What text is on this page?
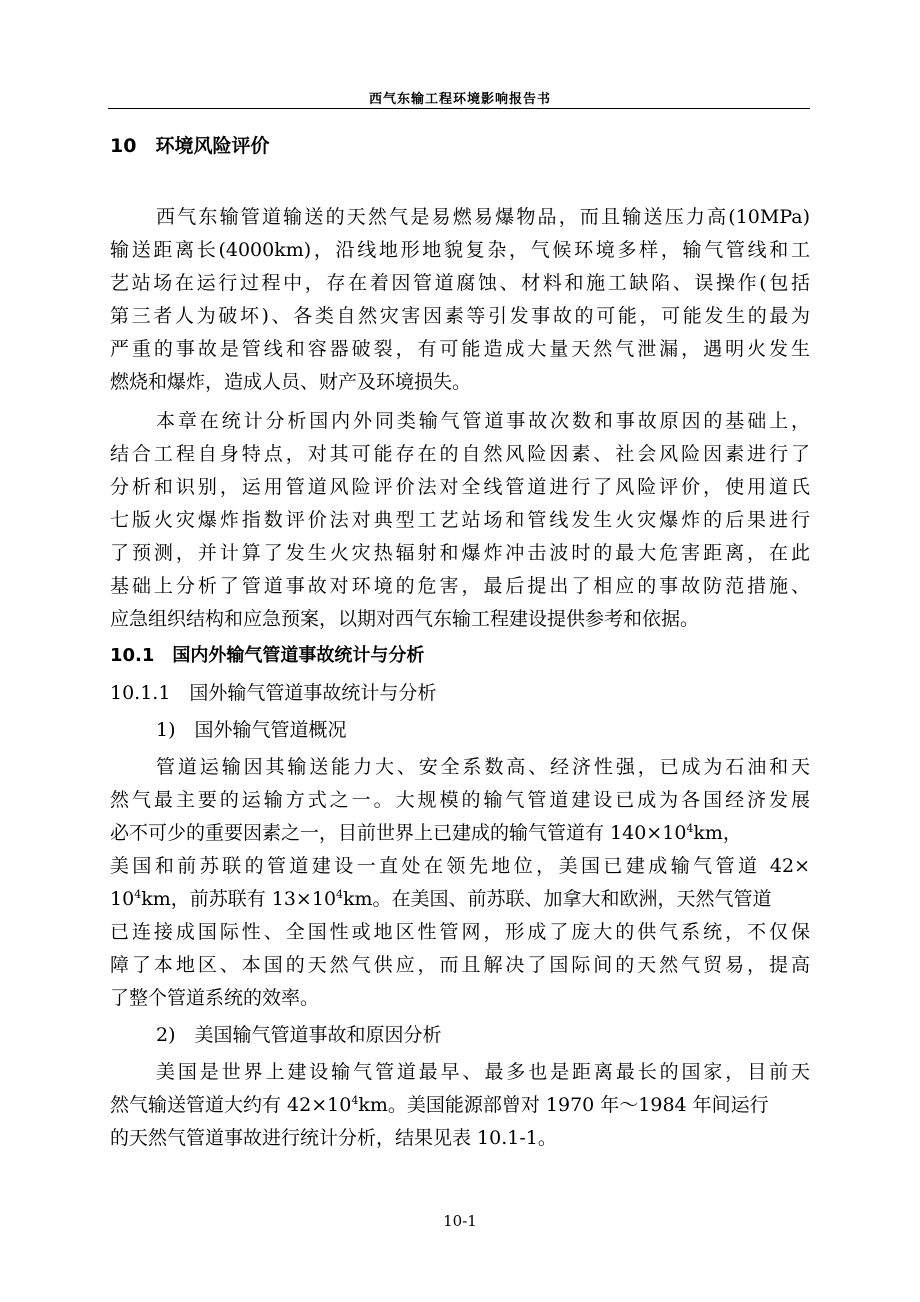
西气东输工程环境影响报告书
10　环境风险评价
西气东输管道输送的天然气是易燃易爆物品，而且输送压力高(10MPa)
输送距离长(4000km)，沿线地形地貌复杂，气候环境多样，输气管线和工
艺站场在运行过程中，存在着因管道腐蚀、材料和施工缺陷、误操作(包括
第三者人为破坏)、各类自然灾害因素等引发事故的可能，可能发生的最为
严重的事故是管线和容器破裂，有可能造成大量天然气泄漏，遇明火发生
燃烧和爆炸，造成人员、财产及环境损失。
本章在统计分析国内外同类输气管道事故次数和事故原因的基础上，
结合工程自身特点，对其可能存在的自然风险因素、社会风险因素进行了
分析和识别，运用管道风险评价法对全线管道进行了风险评价，使用道氏
七版火灾爆炸指数评价法对典型工艺站场和管线发生火灾爆炸的后果进行
了预测，并计算了发生火灾热辐射和爆炸冲击波时的最大危害距离，在此
基础上分析了管道事故对环境的危害，最后提出了相应的事故防范措施、
应急组织结构和应急预案，以期对西气东输工程建设提供参考和依据。
10.1　国内外输气管道事故统计与分析
10.1.1　国外输气管道事故统计与分析
1)　国外输气管道概况
管道运输因其输送能力大、安全系数高、经济性强，已成为石油和天
然气最主要的运输方式之一。大规模的输气管道建设已成为各国经济发展
必不可少的重要因素之一，目前世界上已建成的输气管道有 $140\times 10^4km$，
美国和前苏联的管道建设一直处在领先地位，美国已建成输气管道 42×
$10^4km$，前苏联有 $13\times 10^4km$。在美国、前苏联、加拿大和欧洲，天然气管道
已连接成国际性、全国性或地区性管网，形成了庞大的供气系统，不仅保
障了本地区、本国的天然气供应，而且解决了国际间的天然气贸易，提高
了整个管道系统的效率。
2)　美国输气管道事故和原因分析
美国是世界上建设输气管道最早、最多也是距离最长的国家，目前天
然气输送管道大约有 $42\times 10^4km$。美国能源部曾对 1970 年～1984 年间运行
的天然气管道事故进行统计分析，结果见表 10.1-1。
10-1
